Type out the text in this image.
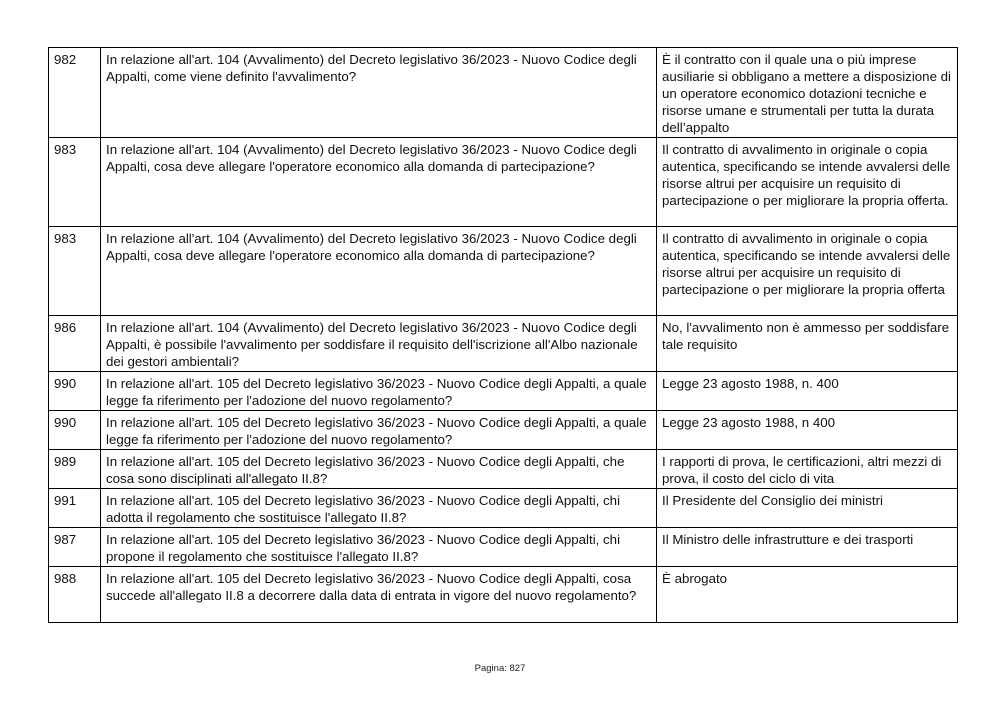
982	In relazione all'art. 104 (Avvalimento) del Decreto legislativo 36/2023 - Nuovo Codice degli Appalti, come viene definito l'avvalimento?	È il contratto con il quale una o più imprese ausiliarie si obbligano a mettere a disposizione di un operatore economico dotazioni tecniche e risorse umane e strumentali per tutta la durata dell’appalto
983	In relazione all'art. 104 (Avvalimento) del Decreto legislativo 36/2023 - Nuovo Codice degli Appalti, cosa deve allegare l'operatore economico alla domanda di partecipazione?	Il contratto di avvalimento in originale o copia autentica, specificando se intende avvalersi delle risorse altrui per acquisire un requisito di partecipazione o per migliorare la propria offerta.
983	In relazione all'art. 104 (Avvalimento) del Decreto legislativo 36/2023 - Nuovo Codice degli Appalti, cosa deve allegare l'operatore economico alla domanda di partecipazione?	Il contratto di avvalimento in originale o copia autentica, specificando se intende avvalersi delle risorse altrui per acquisire un requisito di partecipazione o per migliorare la propria offerta
986	In relazione all'art. 104 (Avvalimento) del Decreto legislativo 36/2023 - Nuovo Codice degli Appalti, è possibile l'avvalimento per soddisfare il requisito dell'iscrizione all'Albo nazionale dei gestori ambientali?	No, l'avvalimento non è ammesso per soddisfare tale requisito
990	In relazione all'art. 105 del Decreto legislativo 36/2023 - Nuovo Codice degli Appalti, a quale legge fa riferimento per l'adozione del nuovo regolamento?	Legge 23 agosto 1988, n. 400
990	In relazione all'art. 105 del Decreto legislativo 36/2023 - Nuovo Codice degli Appalti, a quale legge fa riferimento per l'adozione del nuovo regolamento?	Legge 23 agosto 1988, n 400
989	In relazione all'art. 105 del Decreto legislativo 36/2023 - Nuovo Codice degli Appalti, che cosa sono disciplinati all'allegato II.8?	I rapporti di prova, le certificazioni, altri mezzi di prova, il costo del ciclo di vita
991	In relazione all'art. 105 del Decreto legislativo 36/2023 - Nuovo Codice degli Appalti, chi adotta il regolamento che sostituisce l'allegato II.8?	Il Presidente del Consiglio dei ministri
987	In relazione all'art. 105 del Decreto legislativo 36/2023 - Nuovo Codice degli Appalti, chi propone il regolamento che sostituisce l'allegato II.8?	Il Ministro delle infrastrutture e dei trasporti
988	In relazione all'art. 105 del Decreto legislativo 36/2023 - Nuovo Codice degli Appalti, cosa succede all'allegato II.8 a decorrere dalla data di entrata in vigore del nuovo regolamento?	È abrogato
Pagina: 827
